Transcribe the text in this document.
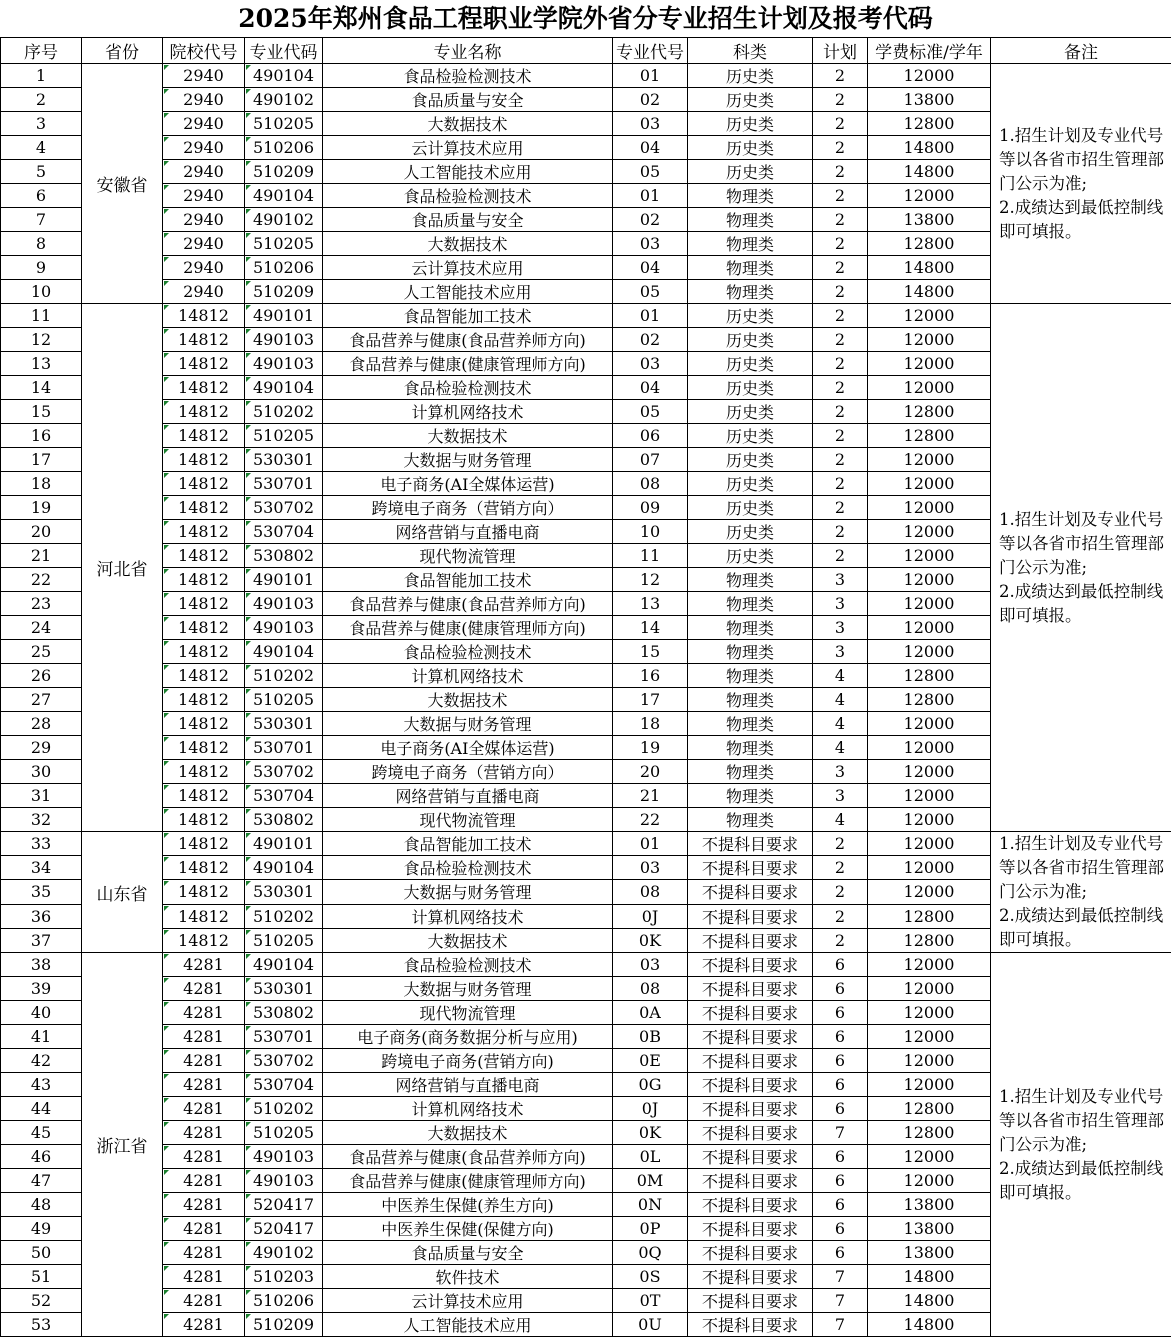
2025年郑州食品工程职业学院外省分专业招生计划及报考代码
序号	省份	院校代号	专业代码	专业名称	专业代号	科类	计划	学费标准/学年	备注
1	安徽省	2940	490104	食品检验检测技术	01	历史类	2	12000	1.招生计划及专业代号等以各省市招生管理部门公示为准;
2.成绩达到最低控制线即可填报。

2		2940	490102	食品质量与安全	02	历史类	2	13800	
3		2940	510205	大数据技术	03	历史类	2	12800	
4		2940	510206	云计算技术应用	04	历史类	2	14800	
5		2940	510209	人工智能技术应用	05	历史类	2	14800	
6		2940	490104	食品检验检测技术	01	物理类	2	12000	
7		2940	490102	食品质量与安全	02	物理类	2	13800	
8		2940	510205	大数据技术	03	物理类	2	12800	
9		2940	510206	云计算技术应用	04	物理类	2	14800	
10		2940	510209	人工智能技术应用	05	物理类	2	14800	
11	河北省	14812	490101	食品智能加工技术	01	历史类	2	12000	1.招生计划及专业代号等以各省市招生管理部门公示为准;
2.成绩达到最低控制线即可填报。

12		14812	490103	食品营养与健康(食品营养师方向)	02	历史类	2	12000	
13		14812	490103	食品营养与健康(健康管理师方向)	03	历史类	2	12000	
14		14812	490104	食品检验检测技术	04	历史类	2	12000	
15		14812	510202	计算机网络技术	05	历史类	2	12800	
16		14812	510205	大数据技术	06	历史类	2	12800	
17		14812	530301	大数据与财务管理	07	历史类	2	12000	
18		14812	530701	电子商务(AI全媒体运营)	08	历史类	2	12000	
19		14812	530702	跨境电子商务（营销方向）	09	历史类	2	12000	
20		14812	530704	网络营销与直播电商	10	历史类	2	12000	
21		14812	530802	现代物流管理	11	历史类	2	12000	
22		14812	490101	食品智能加工技术	12	物理类	3	12000	
23		14812	490103	食品营养与健康(食品营养师方向)	13	物理类	3	12000	
24		14812	490103	食品营养与健康(健康管理师方向)	14	物理类	3	12000	
25		14812	490104	食品检验检测技术	15	物理类	3	12000	
26		14812	510202	计算机网络技术	16	物理类	4	12800	
27		14812	510205	大数据技术	17	物理类	4	12800	
28		14812	530301	大数据与财务管理	18	物理类	4	12000	
29		14812	530701	电子商务(AI全媒体运营)	19	物理类	4	12000	
30		14812	530702	跨境电子商务（营销方向）	20	物理类	3	12000	
31		14812	530704	网络营销与直播电商	21	物理类	3	12000	
32		14812	530802	现代物流管理	22	物理类	4	12000	
33	山东省	14812	490101	食品智能加工技术	01	不提科目要求	2	12000	1.招生计划及专业代号等以各省市招生管理部门公示为准;
2.成绩达到最低控制线即可填报。

34		14812	490104	食品检验检测技术	03	不提科目要求	2	12000	
35		14812	530301	大数据与财务管理	08	不提科目要求	2	12000	
36		14812	510202	计算机网络技术	0J	不提科目要求	2	12800	
37		14812	510205	大数据技术	0K	不提科目要求	2	12800	
38	浙江省	4281	490104	食品检验检测技术	03	不提科目要求	6	12000	1.招生计划及专业代号等以各省市招生管理部门公示为准;
2.成绩达到最低控制线即可填报。

39		4281	530301	大数据与财务管理	08	不提科目要求	6	12000	
40		4281	530802	现代物流管理	0A	不提科目要求	6	12000	
41		4281	530701	电子商务(商务数据分析与应用)	0B	不提科目要求	6	12000	
42		4281	530702	跨境电子商务(营销方向)	0E	不提科目要求	6	12000	
43		4281	530704	网络营销与直播电商	0G	不提科目要求	6	12000	
44		4281	510202	计算机网络技术	0J	不提科目要求	6	12800	
45		4281	510205	大数据技术	0K	不提科目要求	7	12800	
46		4281	490103	食品营养与健康(食品营养师方向)	0L	不提科目要求	6	12000	
47		4281	490103	食品营养与健康(健康管理师方向)	0M	不提科目要求	6	12000	
48		4281	520417	中医养生保健(养生方向)	0N	不提科目要求	6	13800	
49		4281	520417	中医养生保健(保健方向)	0P	不提科目要求	6	13800	
50		4281	490102	食品质量与安全	0Q	不提科目要求	6	13800	
51		4281	510203	软件技术	0S	不提科目要求	7	14800	
52		4281	510206	云计算技术应用	0T	不提科目要求	7	14800	
53		4281	510209	人工智能技术应用	0U	不提科目要求	7	14800	
